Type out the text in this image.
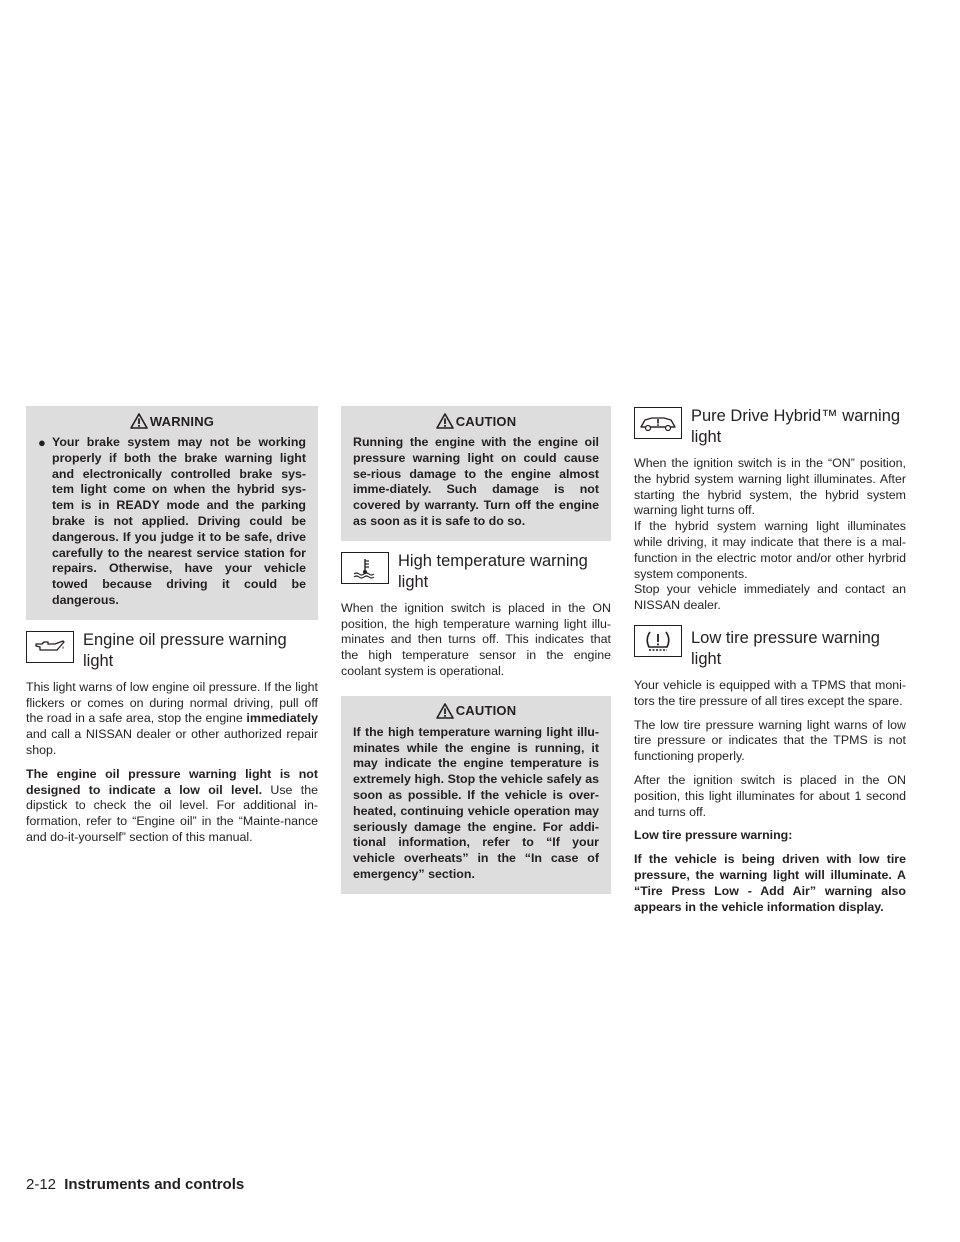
WARNING
● Your brake system may not be working properly if both the brake warning light and electronically controlled brake sys-tem light come on when the hybrid sys-tem is in READY mode and the parking brake is not applied. Driving could be dangerous. If you judge it to be safe, drive carefully to the nearest service station for repairs. Otherwise, have your vehicle towed because driving it could be dangerous.
Engine oil pressure warning light

This light warns of low engine oil pressure. If the light flickers or comes on during normal driving, pull off the road in a safe area, stop the engine immediately and call a NISSAN dealer or other authorized repair shop.

The engine oil pressure warning light is not designed to indicate a low oil level. Use the dipstick to check the oil level. For additional in-formation, refer to “Engine oil” in the “Mainte-nance and do-it-yourself” section of this manual.

CAUTION
Running the engine with the engine oil pressure warning light on could cause se-rious damage to the engine almost imme-diately. Such damage is not covered by warranty. Turn off the engine as soon as it is safe to do so.
High temperature warning light

When the ignition switch is placed in the ON position, the high temperature warning light illu-minates and then turns off. This indicates that the high temperature sensor in the engine coolant system is operational.

CAUTION
If the high temperature warning light illu-minates while the engine is running, it may indicate the engine temperature is extremely high. Stop the vehicle safely as soon as possible. If the vehicle is over-heated, continuing vehicle operation may seriously damage the engine. For addi-tional information, refer to “If your vehicle overheats” in the “In case of emergency” section.
Pure Drive Hybrid™ warning light

When the ignition switch is in the “ON” position, the hybrid system warning light illuminates. After starting the hybrid system, the hybrid system warning light turns off.
If the hybrid system warning light illuminates while driving, it may indicate that there is a mal-function in the electric motor and/or other hyrbrid system components.
Stop your vehicle immediately and contact an NISSAN dealer.

Low tire pressure warning light

Your vehicle is equipped with a TPMS that moni-tors the tire pressure of all tires except the spare.

The low tire pressure warning light warns of low tire pressure or indicates that the TPMS is not functioning properly.

After the ignition switch is placed in the ON position, this light illuminates for about 1 second and turns off.

Low tire pressure warning:

If the vehicle is being driven with low tire pressure, the warning light will illuminate. A “Tire Press Low - Add Air” warning also appears in the vehicle information display.

2-12 Instruments and controls
